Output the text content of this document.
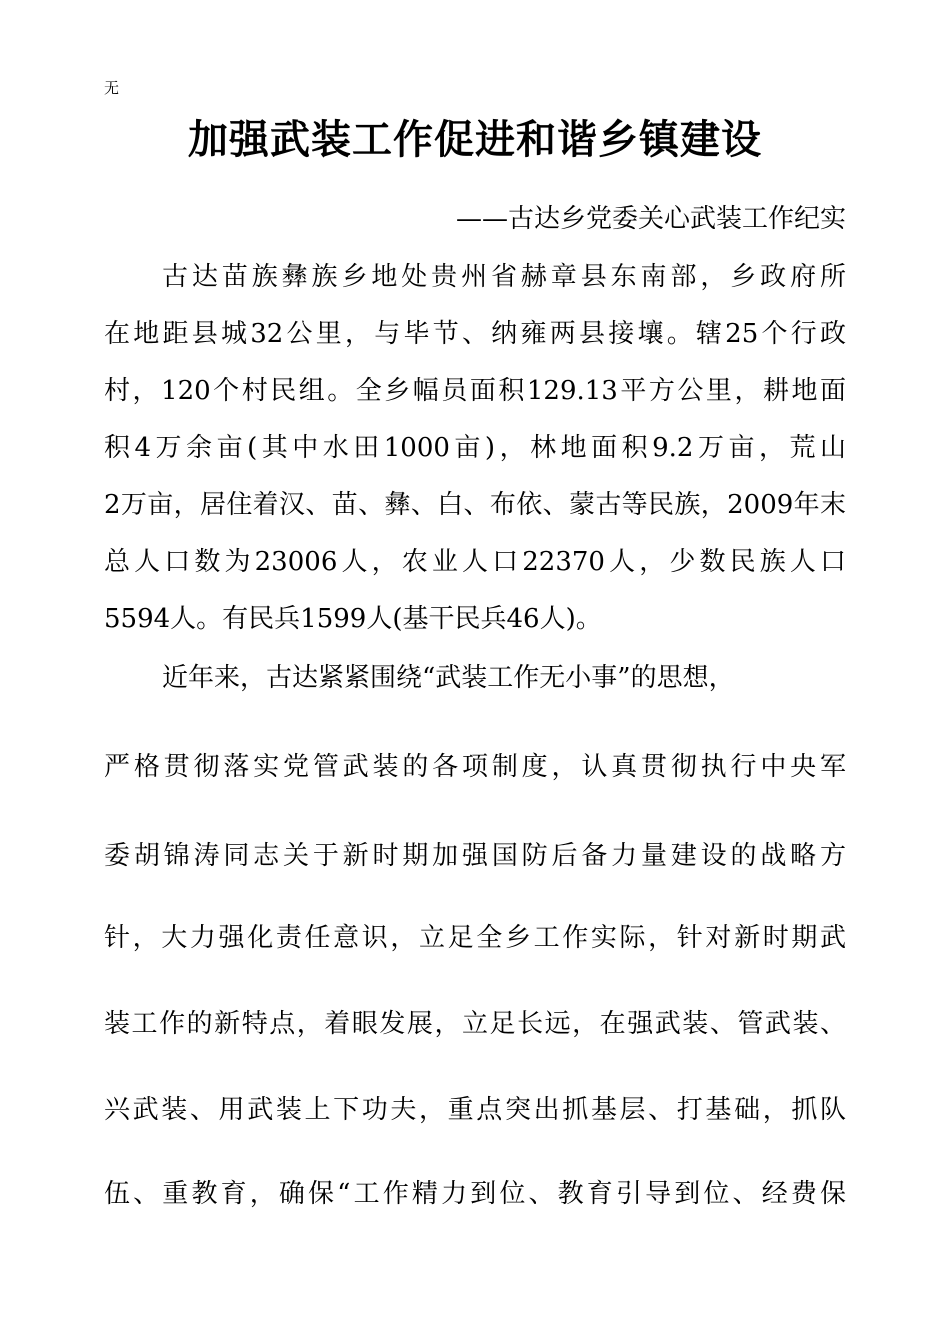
无
加强武装工作促进和谐乡镇建设
——古达乡党委关心武装工作纪实
古达苗族彝族乡地处贵州省赫章县东南部，乡政府所
在地距县城32公里，与毕节、纳雍两县接壤。辖25个行政
村，120个村民组。全乡幅员面积129.13平方公里，耕地面
积4万余亩(其中水田1000亩)，林地面积9.2万亩，荒山
2万亩，居住着汉、苗、彝、白、布依、蒙古等民族，2009年末
总人口数为23006人，农业人口22370人，少数民族人口
5594人。有民兵1599人(基干民兵46人)。
近年来，古达紧紧围绕“武装工作无小事”的思想，
严格贯彻落实党管武装的各项制度，认真贯彻执行中央军
委胡锦涛同志关于新时期加强国防后备力量建设的战略方
针，大力强化责任意识，立足全乡工作实际，针对新时期武
装工作的新特点，着眼发展，立足长远，在强武装、管武装、
兴武装、用武装上下功夫，重点突出抓基层、打基础，抓队
伍、重教育，确保“工作精力到位、教育引导到位、经费保
